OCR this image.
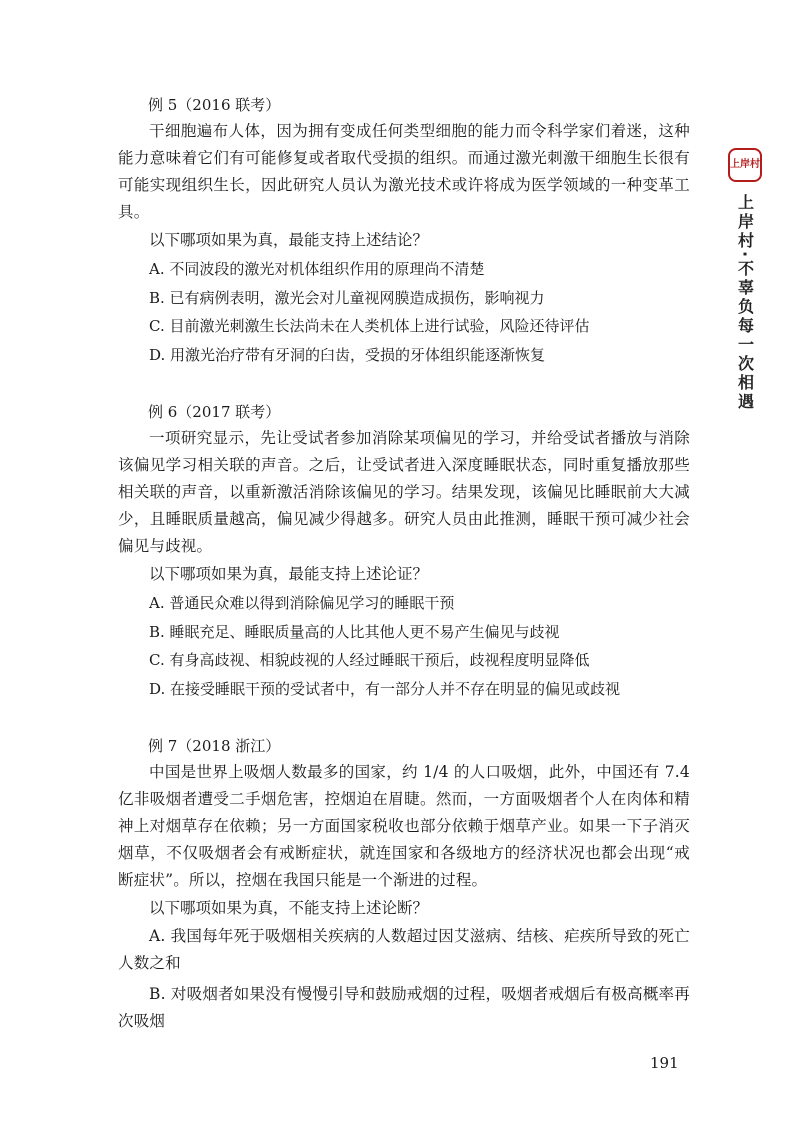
上岸村
上岸村·不辜负每一次相遇

例 5（2016 联考）

干细胞遍布人体，因为拥有变成任何类型细胞的能力而令科学家们着迷，这种能力意味着它们有可能修复或者取代受损的组织。而通过激光刺激干细胞生长很有可能实现组织生长，因此研究人员认为激光技术或许将成为医学领域的一种变革工具。

以下哪项如果为真，最能支持上述结论？

A. 不同波段的激光对机体组织作用的原理尚不清楚

B. 已有病例表明，激光会对儿童视网膜造成损伤，影响视力

C. 目前激光刺激生长法尚未在人类机体上进行试验，风险还待评估

D. 用激光治疗带有牙洞的臼齿，受损的牙体组织能逐渐恢复

例 6（2017 联考）

一项研究显示，先让受试者参加消除某项偏见的学习，并给受试者播放与消除该偏见学习相关联的声音。之后，让受试者进入深度睡眠状态，同时重复播放那些相关联的声音，以重新激活消除该偏见的学习。结果发现，该偏见比睡眠前大大减少，且睡眠质量越高，偏见减少得越多。研究人员由此推测，睡眠干预可减少社会偏见与歧视。

以下哪项如果为真，最能支持上述论证？

A. 普通民众难以得到消除偏见学习的睡眠干预

B. 睡眠充足、睡眠质量高的人比其他人更不易产生偏见与歧视

C. 有身高歧视、相貌歧视的人经过睡眠干预后，歧视程度明显降低

D. 在接受睡眠干预的受试者中，有一部分人并不存在明显的偏见或歧视

例 7（2018 浙江）

中国是世界上吸烟人数最多的国家，约 1/4 的人口吸烟，此外，中国还有 7.4 亿非吸烟者遭受二手烟危害，控烟迫在眉睫。然而，一方面吸烟者个人在肉体和精神上对烟草存在依赖；另一方面国家税收也部分依赖于烟草产业。如果一下子消灭烟草，不仅吸烟者会有戒断症状，就连国家和各级地方的经济状况也都会出现“戒断症状”。所以，控烟在我国只能是一个渐进的过程。

以下哪项如果为真，不能支持上述论断？

A. 我国每年死于吸烟相关疾病的人数超过因艾滋病、结核、疟疾所导致的死亡人数之和

B. 对吸烟者如果没有慢慢引导和鼓励戒烟的过程，吸烟者戒烟后有极高概率再次吸烟

191
